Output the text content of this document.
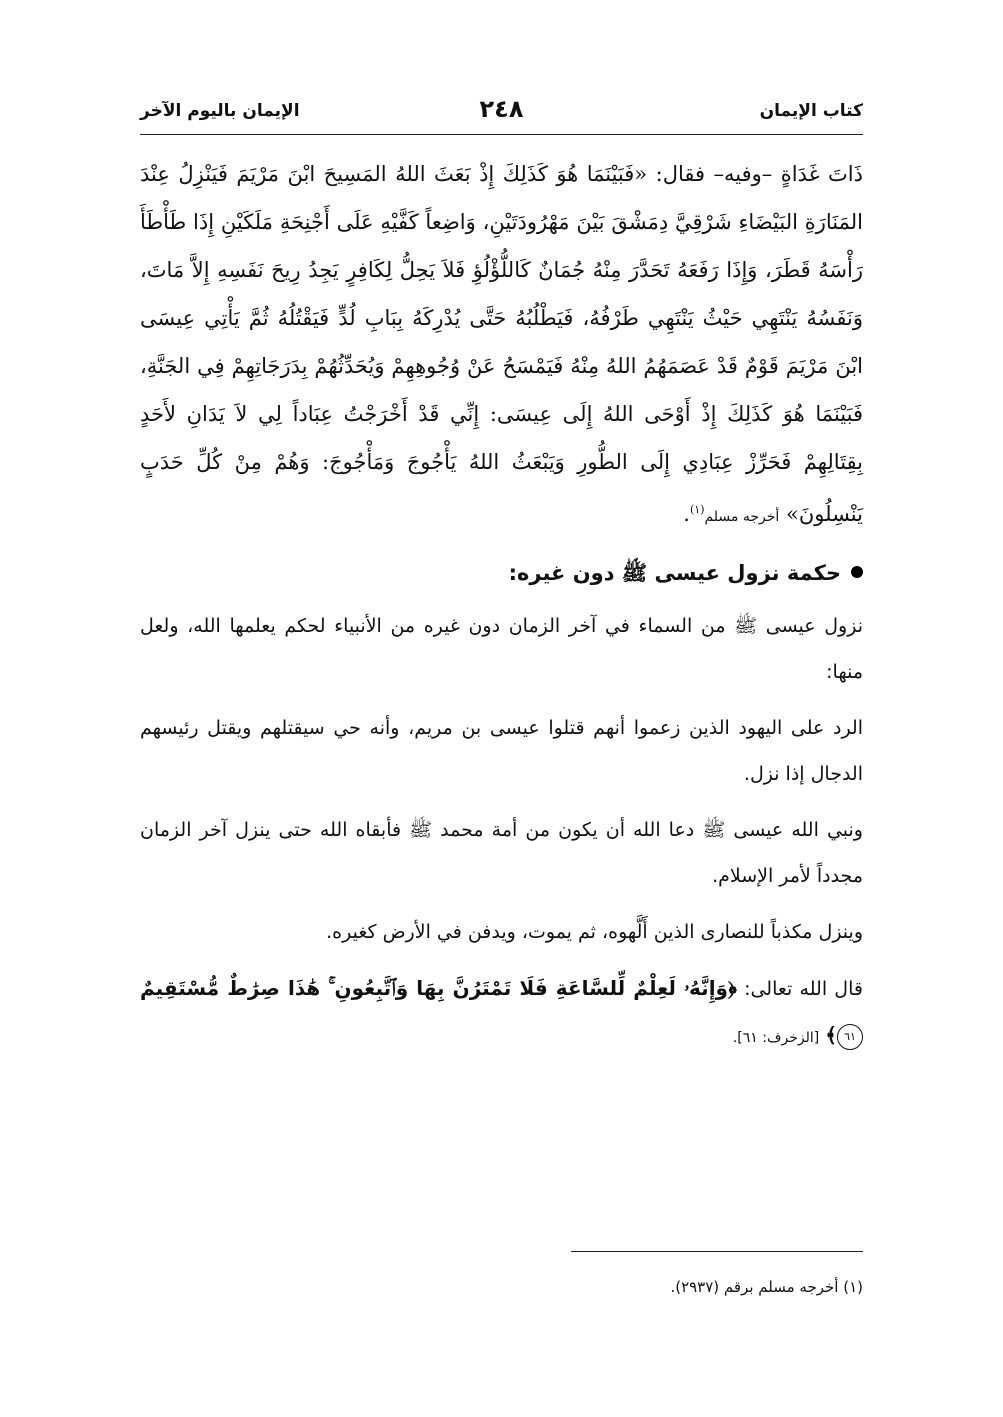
كتاب الإيمان
٢٤٨
الإيمان باليوم الآخر

ذَاتَ غَدَاةٍ –وفيه– فقال: «فَبَيْنَمَا هُوَ كَذَلِكَ إِذْ بَعَثَ اللهُ المَسِيحَ ابْنَ مَرْيَمَ فَيَنْزِلُ عِنْدَ المَنَارَةِ البَيْضَاءِ شَرْقِيَّ دِمَشْقَ بَيْنَ مَهْرُودَتَيْنِ، وَاضِعاً كَفَّيْهِ عَلَى أَجْنِحَةِ مَلَكَيْنِ إِذَا طَأْطَأَ رَأْسَهُ قَطَرَ، وَإِذَا رَفَعَهُ تَحَدَّرَ مِنْهُ جُمَانٌ كَاللُّؤْلُؤِ فَلاَ يَحِلُّ لِكَافِرٍ يَجِدُ رِيحَ نَفَسِهِ إِلاَّ مَاتَ، وَنَفَسُهُ يَنْتَهِي حَيْثُ يَنْتَهِي طَرْفُهُ، فَيَطْلُبُهُ حَتَّى يُدْرِكَهُ بِبَابِ لُدٍّ فَيَقْتُلُهُ ثُمَّ يَأْتِي عِيسَى ابْنَ مَرْيَمَ قَوْمٌ قَدْ عَصَمَهُمُ اللهُ مِنْهُ فَيَمْسَحُ عَنْ وُجُوهِهِمْ وَيُحَدِّثُهُمْ بِدَرَجَاتِهِمْ فِي الجَنَّةِ، فَبَيْنَمَا هُوَ كَذَلِكَ إِذْ أَوْحَى اللهُ إِلَى عِيسَى: إِنِّي قَدْ أَخْرَجْتُ عِبَاداً لِي لاَ يَدَانِ لأَحَدٍ بِقِتَالِهِمْ فَحَرِّزْ عِبَادِي إِلَى الطُّورِ وَيَبْعَثُ اللهُ يَأْجُوجَ وَمَأْجُوجَ: وَهُمْ مِنْ كُلِّ حَدَبٍ يَنْسِلُونَ» أخرجه مسلم$^{(١)}$.

حكمة نزول عيسى ﷺ دون غيره:

نزول عيسى ﷺ من السماء في آخر الزمان دون غيره من الأنبياء لحكم يعلمها الله، ولعل منها:

الرد على اليهود الذين زعموا أنهم قتلوا عيسى بن مريم، وأنه حي سيقتلهم ويقتل رئيسهم الدجال إذا نزل.

ونبي الله عيسى ﷺ دعا الله أن يكون من أمة محمد ﷺ فأبقاه الله حتى ينزل آخر الزمان مجدداً لأمر الإسلام.

وينزل مكذباً للنصارى الذين أَلَّهوه، ثم يموت، ويدفن في الأرض كغيره.

قال الله تعالى: ﴿وَإِنَّهُۥ لَعِلْمٌ لِّلسَّاعَةِ فَلَا تَمْتَرُنَّ بِهَا وَٱتَّبِعُونِ ۚ هَٰذَا صِرَٰطٌ مُّسْتَقِيمٌ ٦١﴾ [الزخرف: ٦١].

(١) أخرجه مسلم برقم (٢٩٣٧).
